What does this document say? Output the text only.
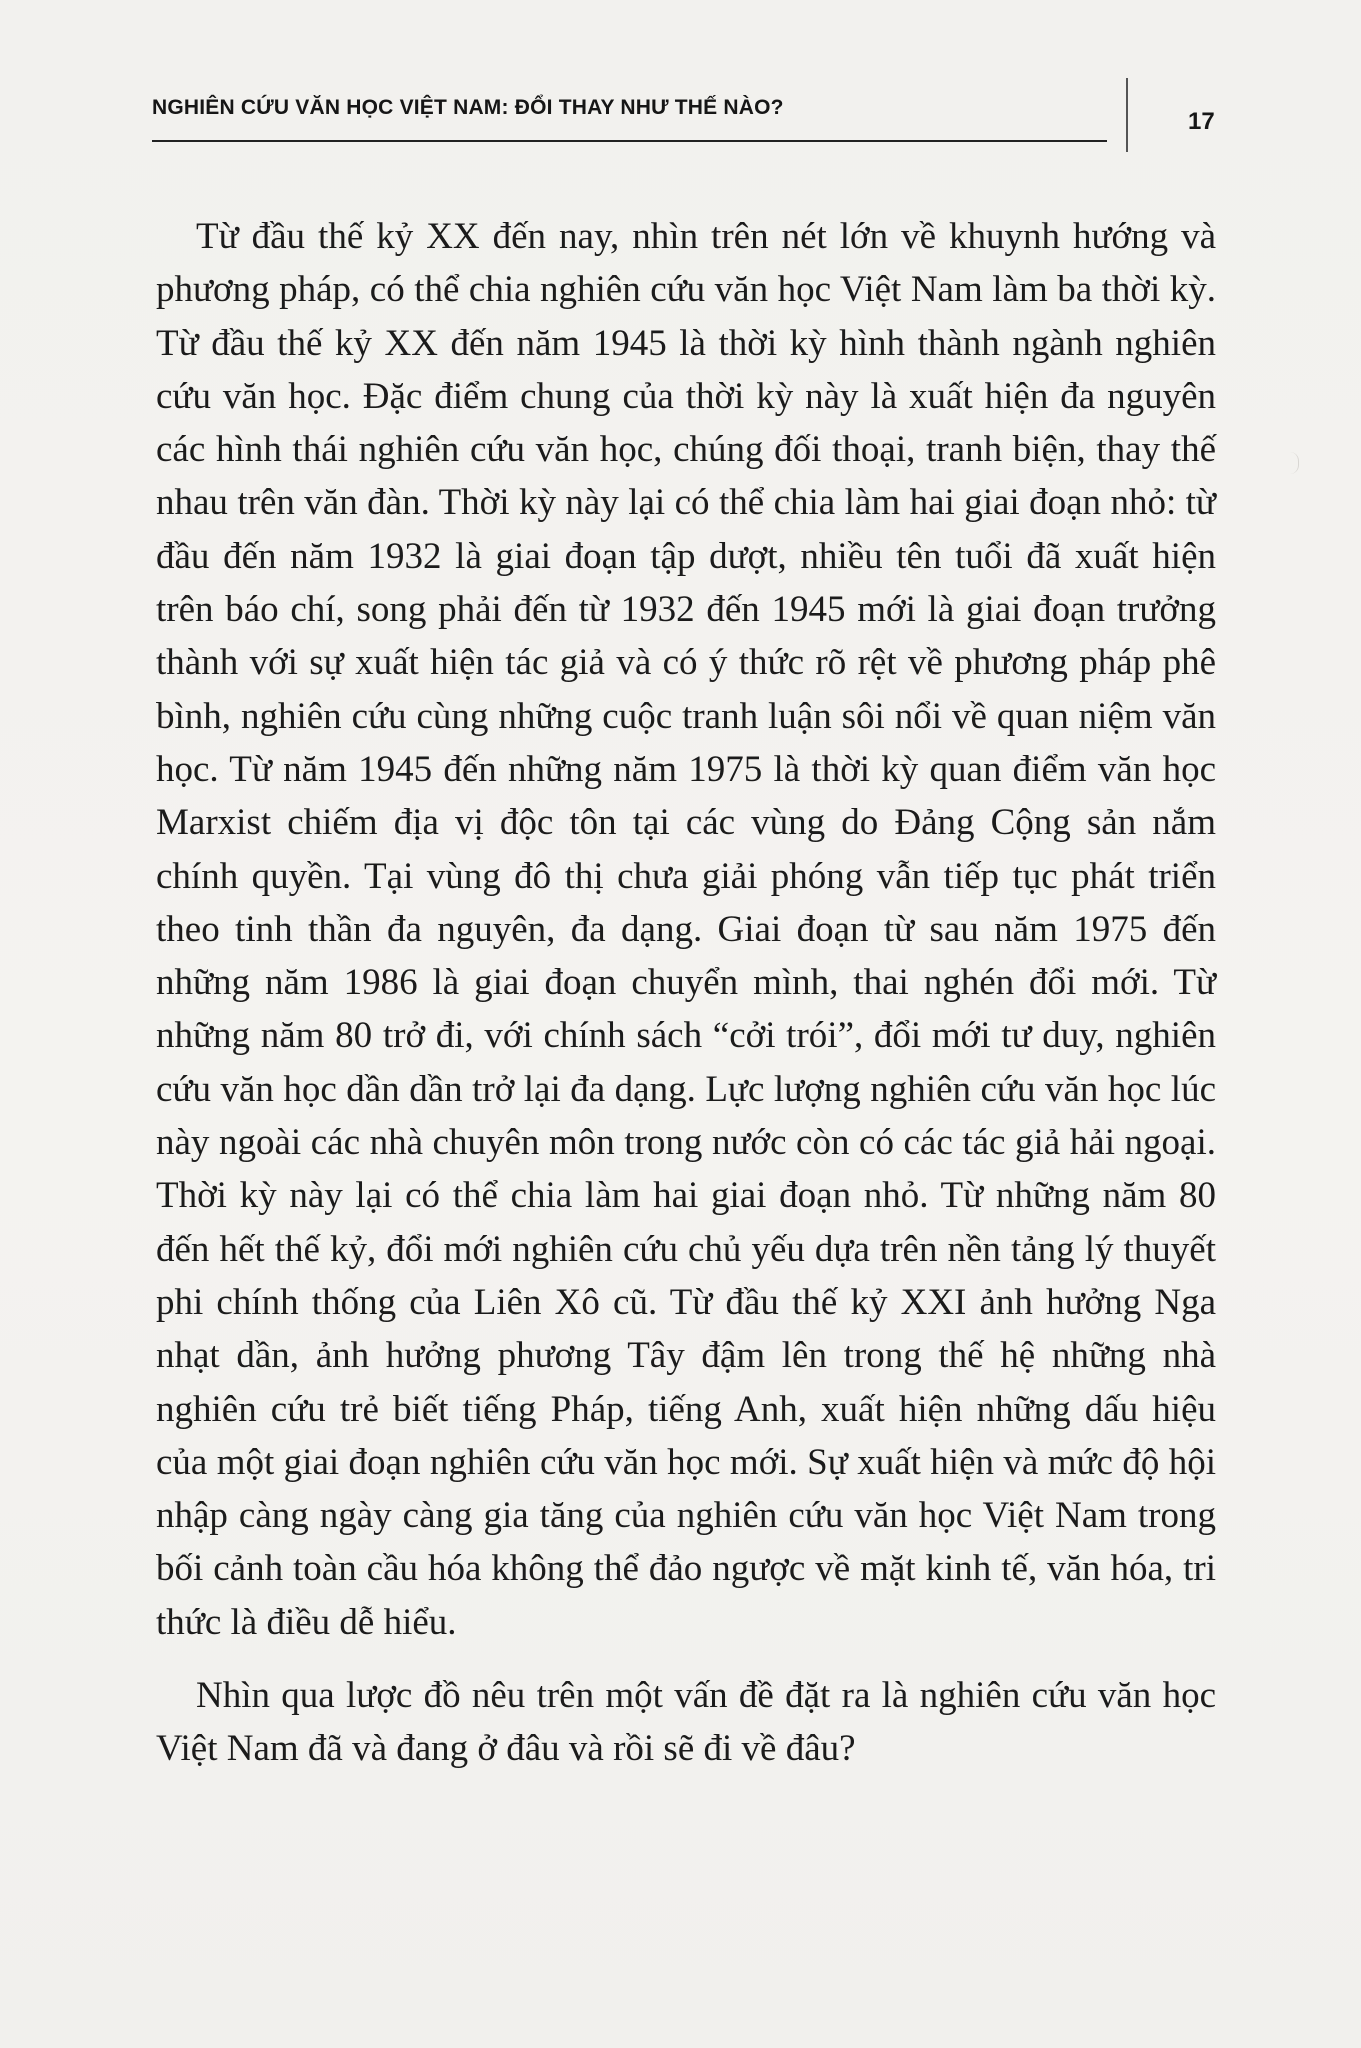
NGHIÊN CỨU VĂN HỌC VIỆT NAM: ĐỔI THAY NHƯ THẾ NÀO?
17

Từ đầu thế kỷ XX đến nay, nhìn trên nét lớn về khuynh hướng và phương pháp, có thể chia nghiên cứu văn học Việt Nam làm ba thời kỳ. Từ đầu thế kỷ XX đến năm 1945 là thời kỳ hình thành ngành nghiên cứu văn học. Đặc điểm chung của thời kỳ này là xuất hiện đa nguyên các hình thái nghiên cứu văn học, chúng đối thoại, tranh biện, thay thế nhau trên văn đàn. Thời kỳ này lại có thể chia làm hai giai đoạn nhỏ: từ đầu đến năm 1932 là giai đoạn tập dượt, nhiều tên tuổi đã xuất hiện trên báo chí, song phải đến từ 1932 đến 1945 mới là giai đoạn trưởng thành với sự xuất hiện tác giả và có ý thức rõ rệt về phương pháp phê bình, nghiên cứu cùng những cuộc tranh luận sôi nổi về quan niệm văn học. Từ năm 1945 đến những năm 1975 là thời kỳ quan điểm văn học Marxist chiếm địa vị độc tôn tại các vùng do Đảng Cộng sản nắm chính quyền. Tại vùng đô thị chưa giải phóng vẫn tiếp tục phát triển theo tinh thần đa nguyên, đa dạng. Giai đoạn từ sau năm 1975 đến những năm 1986 là giai đoạn chuyển mình, thai nghén đổi mới. Từ những năm 80 trở đi, với chính sách “cởi trói”, đổi mới tư duy, nghiên cứu văn học dần dần trở lại đa dạng. Lực lượng nghiên cứu văn học lúc này ngoài các nhà chuyên môn trong nước còn có các tác giả hải ngoại. Thời kỳ này lại có thể chia làm hai giai đoạn nhỏ. Từ những năm 80 đến hết thế kỷ, đổi mới nghiên cứu chủ yếu dựa trên nền tảng lý thuyết phi chính thống của Liên Xô cũ. Từ đầu thế kỷ XXI ảnh hưởng Nga nhạt dần, ảnh hưởng phương Tây đậm lên trong thế hệ những nhà nghiên cứu trẻ biết tiếng Pháp, tiếng Anh, xuất hiện những dấu hiệu của một giai đoạn nghiên cứu văn học mới. Sự xuất hiện và mức độ hội nhập càng ngày càng gia tăng của nghiên cứu văn học Việt Nam trong bối cảnh toàn cầu hóa không thể đảo ngược về mặt kinh tế, văn hóa, tri thức là điều dễ hiểu.

Nhìn qua lược đồ nêu trên một vấn đề đặt ra là nghiên cứu văn học Việt Nam đã và đang ở đâu và rồi sẽ đi về đâu?
